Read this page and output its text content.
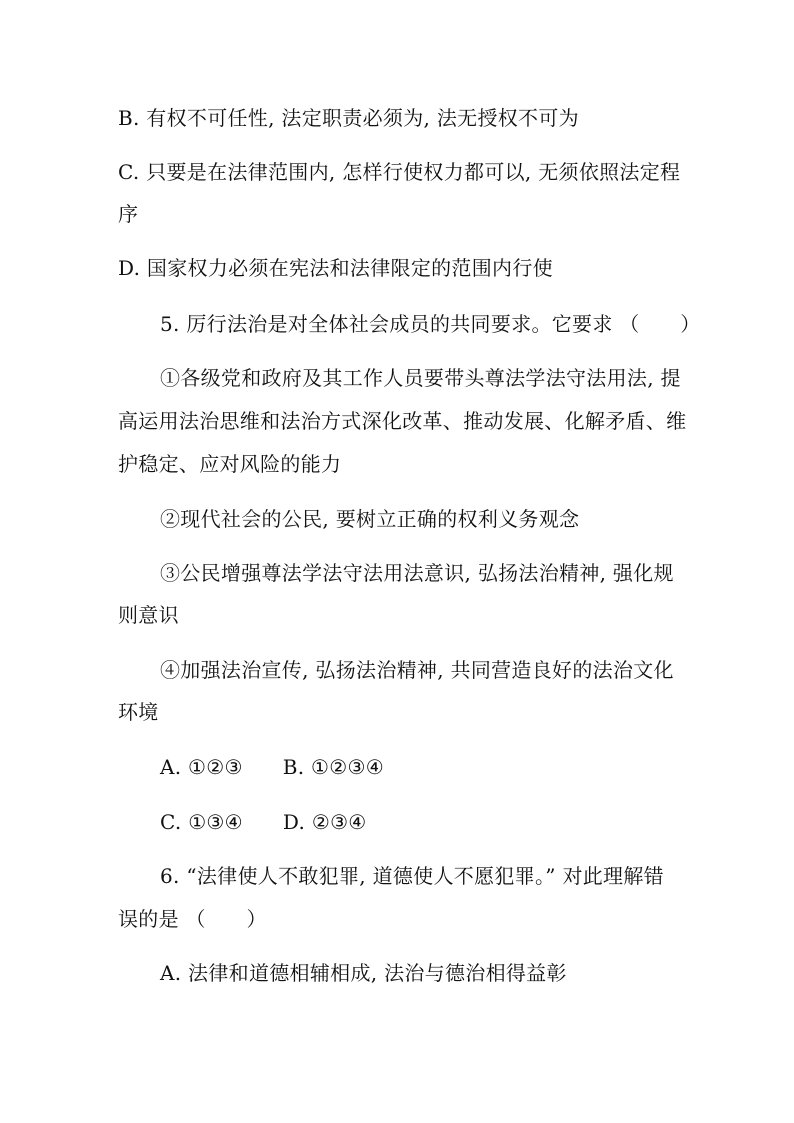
B. 有权不可任性, 法定职责必须为, 法无授权不可为
C. 只要是在法律范围内, 怎样行使权力都可以, 无须依照法定程
序
D. 国家权力必须在宪法和法律限定的范围内行使
5. 厉行法治是对全体社会成员的共同要求。它要求 （　　）
①各级党和政府及其工作人员要带头尊法学法守法用法, 提
高运用法治思维和法治方式深化改革、推动发展、化解矛盾、维
护稳定、应对风险的能力
②现代社会的公民, 要树立正确的权利义务观念
③公民增强尊法学法守法用法意识, 弘扬法治精神, 强化规
则意识
④加强法治宣传, 弘扬法治精神, 共同营造良好的法治文化
环境
A. ①②③ B. ①②③④
C. ①③④ D. ②③④
6. “法律使人不敢犯罪, 道德使人不愿犯罪。” 对此理解错
误的是 （　　）
A. 法律和道德相辅相成, 法治与德治相得益彰
